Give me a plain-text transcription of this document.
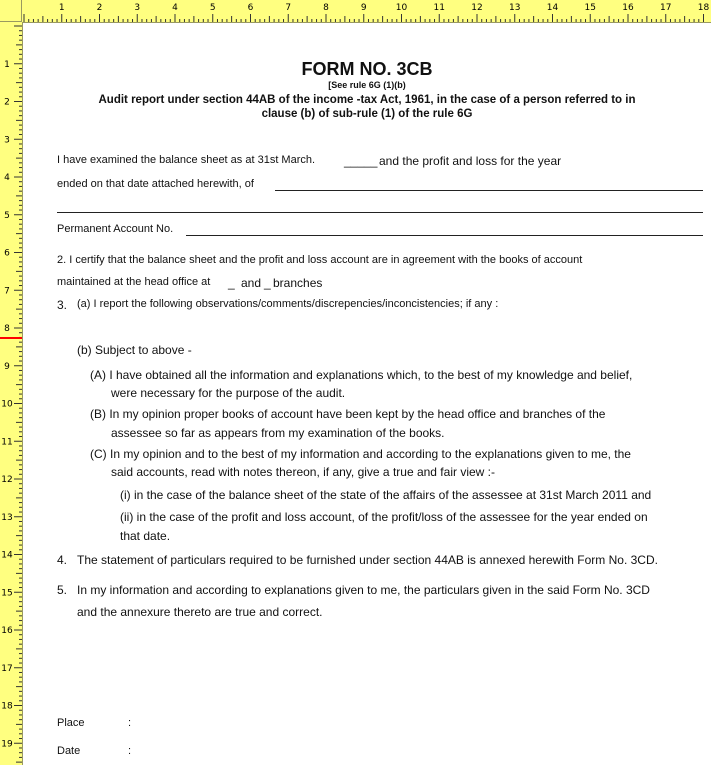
1	2	3	4	5	6	7	8	9	10	11	12	13	14	15	16	17	18
1
2
3
4
5
6
7
8
9
10
11
12
13
14
15
16
17
18
19
FORM NO. 3CB
[See rule 6G (1)(b)
Audit report under section 44AB of the income -tax Act, 1961, in the case of a person referred to in
clause (b) of sub-rule (1) of the rule 6G
I have examined the balance sheet as at 31st March. _____ and the profit and loss for the year
ended on that date attached herewith, of
Permanent Account No.
2. I certify that the balance sheet and the profit and loss account are in agreement with the books of account
maintained at the head office at _ and _ branches
3. (a) I report the following observations/comments/discrepencies/inconcistencies; if any :
(b) Subject to above -
(A) I have obtained all the information and explanations which, to the best of my knowledge and belief,
were necessary for the purpose of the audit.
(B) In my opinion proper books of account have been kept by the head office and branches of the
assessee so far as appears from my examination of the books.
(C) In my opinion and to the best of my information and according to the explanations given to me, the
said accounts, read with notes thereon, if any, give a true and fair view :-
(i) in the case of the balance sheet of the state of the affairs of the assessee at 31st March 2011 and
(ii) in the case of the profit and loss account, of the profit/loss of the assessee for the year ended on
that date.
4. The statement of particulars required to be furnished under section 44AB is annexed herewith Form No. 3CD.
5. In my information and according to explanations given to me, the particulars given in the said Form No. 3CD
and the annexure thereto are true and correct.
Place	:
Date	:
